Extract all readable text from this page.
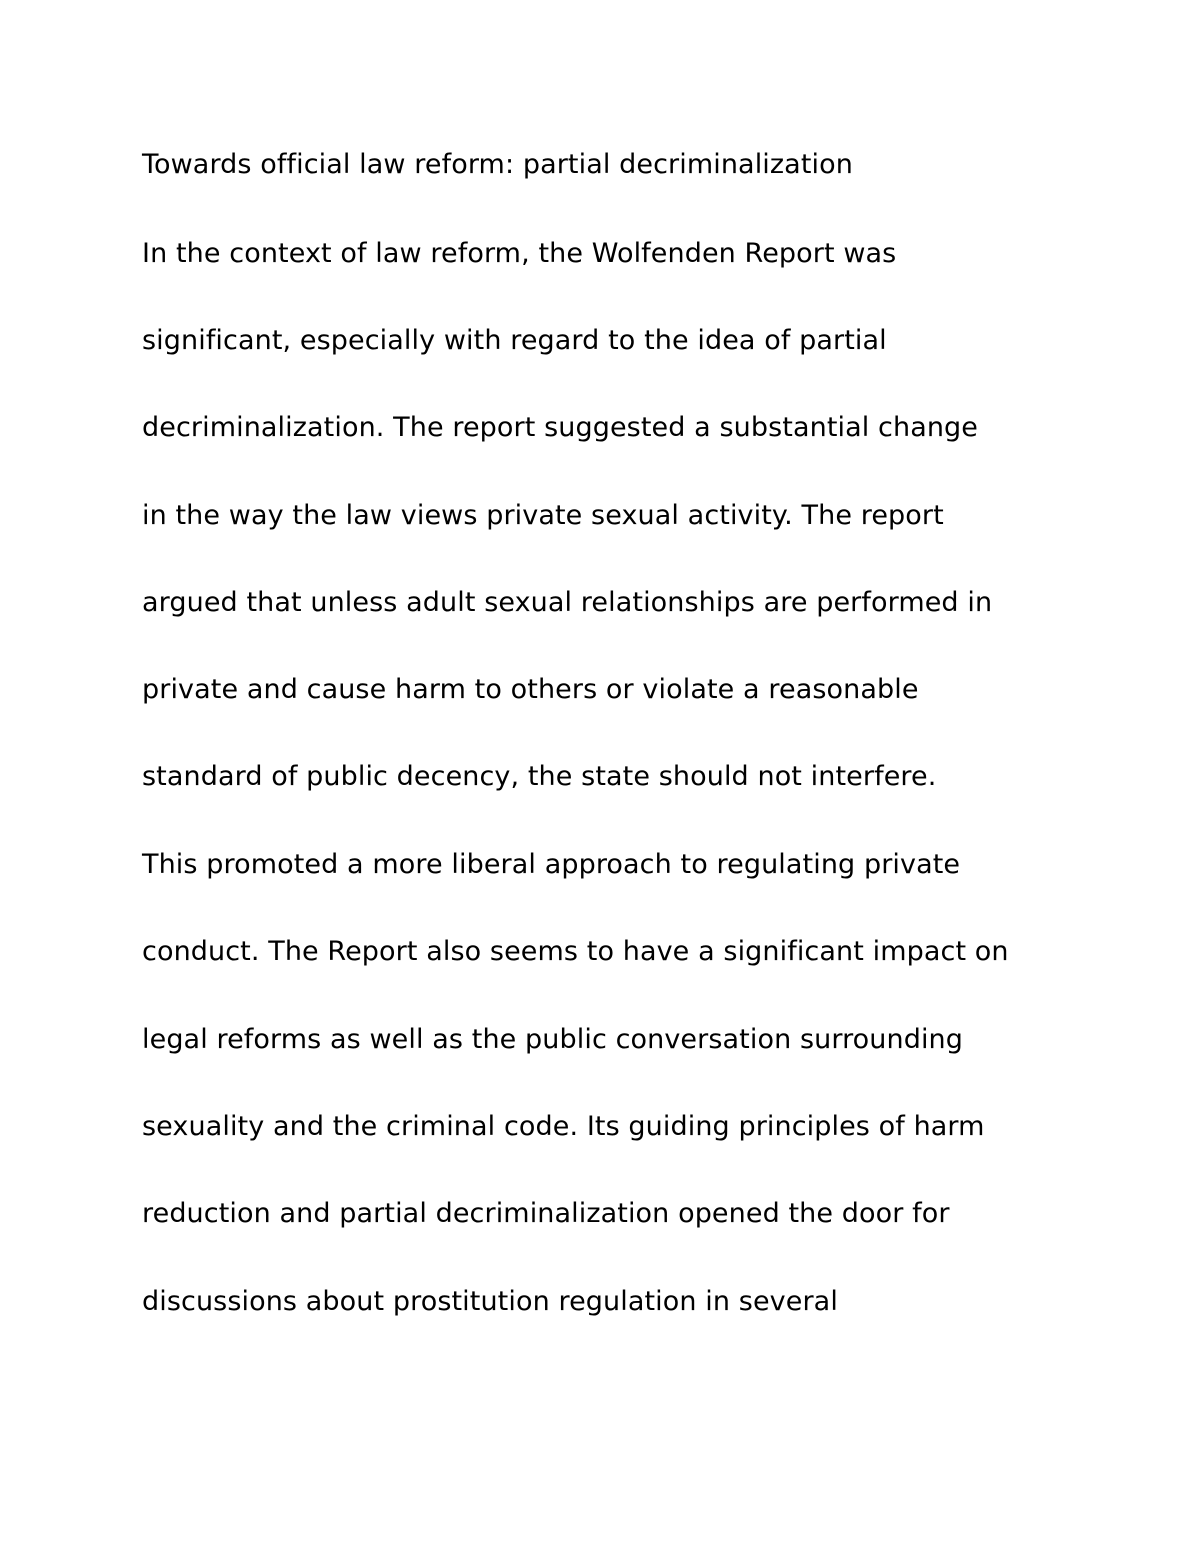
Towards official law reform: partial decriminalization
In the context of law reform, the Wolfenden Report was
significant, especially with regard to the idea of partial
decriminalization. The report suggested a substantial change
in the way the law views private sexual activity. The report
argued that unless adult sexual relationships are performed in
private and cause harm to others or violate a reasonable
standard of public decency, the state should not interfere.
This promoted a more liberal approach to regulating private
conduct. The Report also seems to have a significant impact on
legal reforms as well as the public conversation surrounding
sexuality and the criminal code. Its guiding principles of harm
reduction and partial decriminalization opened the door for
discussions about prostitution regulation in several
